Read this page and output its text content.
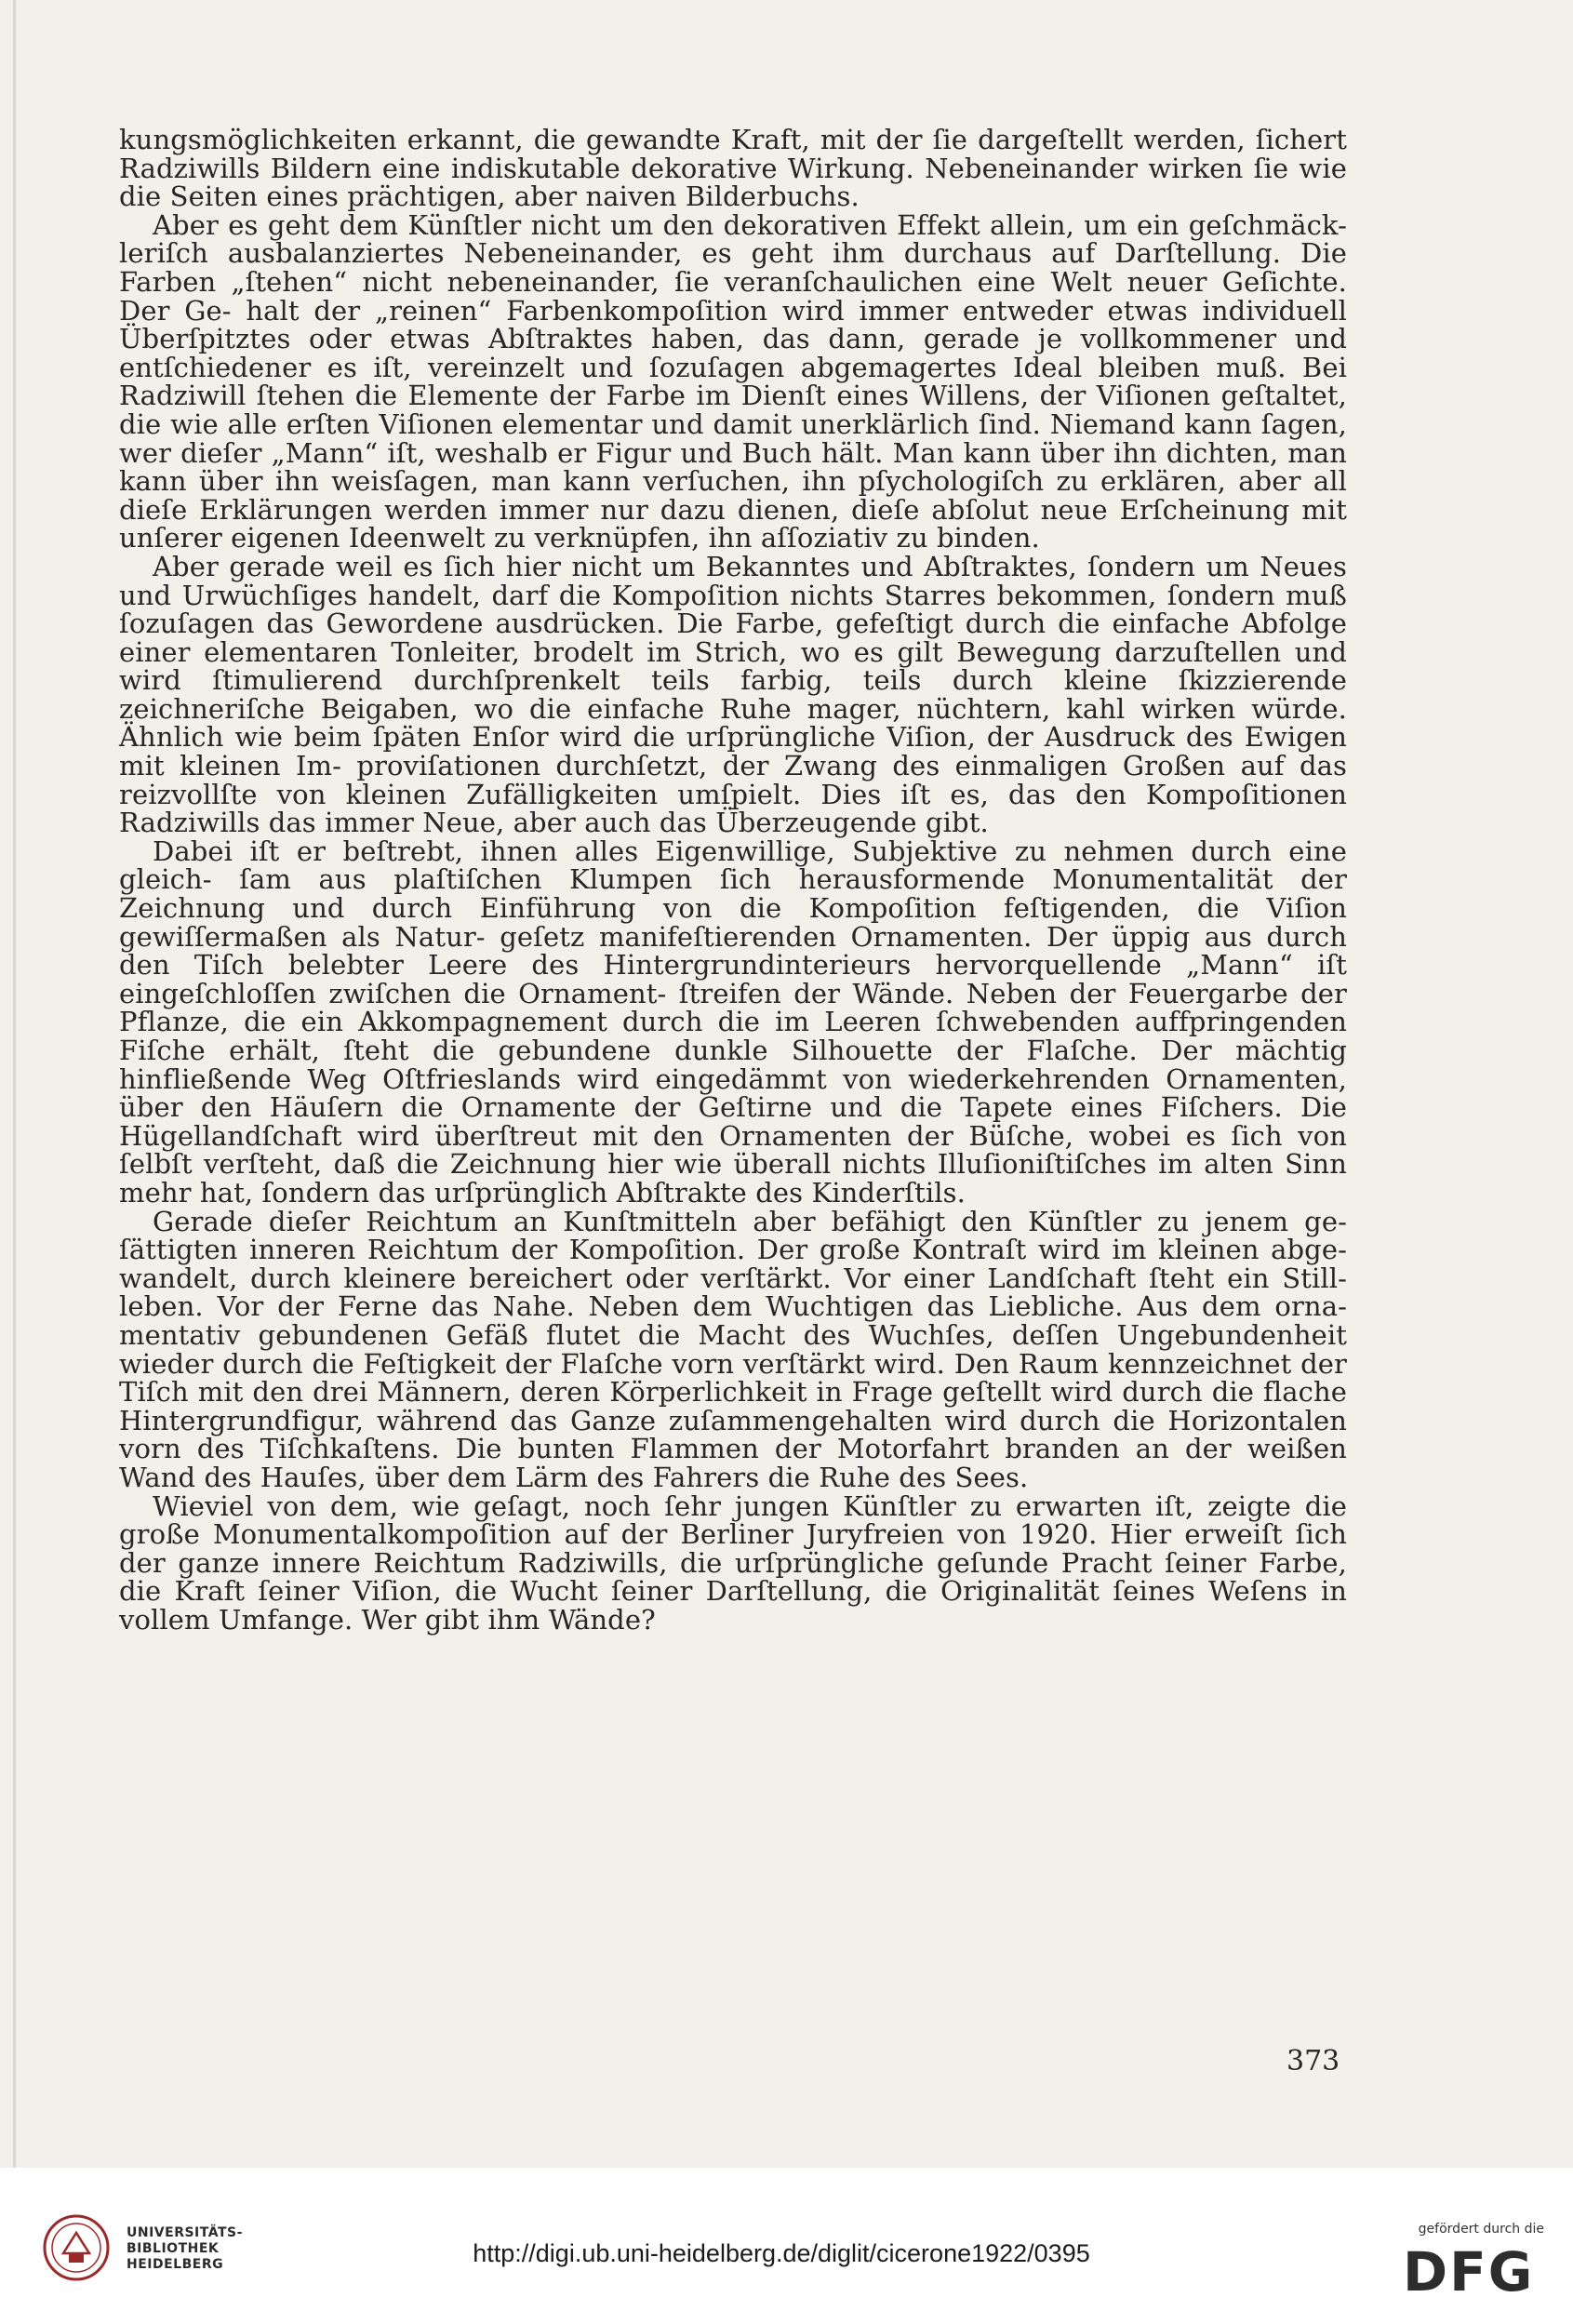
kungsmöglichkeiten erkannt, die gewandte Kraft, mit der ſie dargeſtellt werden, ſichert Radziwills Bildern eine indiskutable dekorative Wirkung. Nebeneinander wirken ſie wie die Seiten eines prächtigen, aber naiven Bilderbuchs.

Aber es geht dem Künſtler nicht um den dekorativen Effekt allein, um ein geſchmäck- leriſch ausbalanziertes Nebeneinander, es geht ihm durchaus auf Darſtellung. Die Farben „ſtehen“ nicht nebeneinander, ſie veranſchaulichen eine Welt neuer Geſichte. Der Ge- halt der „reinen“ Farbenkompoſition wird immer entweder etwas individuell Überſpitztes oder etwas Abſtraktes haben, das dann, gerade je vollkommener und entſchiedener es iſt, vereinzelt und ſozuſagen abgemagertes Ideal bleiben muß. Bei Radziwill ſtehen die Elemente der Farbe im Dienſt eines Willens, der Viſionen geſtaltet, die wie alle erſten Viſionen elementar und damit unerklärlich ſind. Niemand kann ſagen, wer dieſer „Mann“ iſt, weshalb er Figur und Buch hält. Man kann über ihn dichten, man kann über ihn weisſagen, man kann verſuchen, ihn pſychologiſch zu erklären, aber all dieſe Erklärungen werden immer nur dazu dienen, dieſe abſolut neue Erſcheinung mit unſerer eigenen Ideenwelt zu verknüpfen, ihn aſſoziativ zu binden.

Aber gerade weil es ſich hier nicht um Bekanntes und Abſtraktes, ſondern um Neues und Urwüchſiges handelt, darf die Kompoſition nichts Starres bekommen, ſondern muß ſozuſagen das Gewordene ausdrücken. Die Farbe, gefeſtigt durch die einfache Abfolge einer elementaren Tonleiter, brodelt im Strich, wo es gilt Bewegung darzuſtellen und wird ſtimulierend durchſprenkelt teils farbig, teils durch kleine ſkizzierende zeichneriſche Beigaben, wo die einfache Ruhe mager, nüchtern, kahl wirken würde. Ähnlich wie beim ſpäten Enſor wird die urſprüngliche Viſion, der Ausdruck des Ewigen mit kleinen Im- proviſationen durchſetzt, der Zwang des einmaligen Großen auf das reizvollſte von kleinen Zufälligkeiten umſpielt. Dies iſt es, das den Kompoſitionen Radziwills das immer Neue, aber auch das Überzeugende gibt.

Dabei iſt er beſtrebt, ihnen alles Eigenwillige, Subjektive zu nehmen durch eine gleich- ſam aus plaſtiſchen Klumpen ſich herausformende Monumentalität der Zeichnung und durch Einführung von die Kompoſition feſtigenden, die Viſion gewiſſermaßen als Natur- geſetz manifeſtierenden Ornamenten. Der üppig aus durch den Tiſch belebter Leere des Hintergrundinterieurs hervorquellende „Mann“ iſt eingeſchloſſen zwiſchen die Ornament- ſtreifen der Wände. Neben der Feuergarbe der Pflanze, die ein Akkompagnement durch die im Leeren ſchwebenden auffpringenden Fiſche erhält, ſteht die gebundene dunkle Silhouette der Flaſche. Der mächtig hinfließende Weg Oſtfrieslands wird eingedämmt von wiederkehrenden Ornamenten, über den Häuſern die Ornamente der Geſtirne und die Tapete eines Fiſchers. Die Hügellandſchaft wird überſtreut mit den Ornamenten der Büſche, wobei es ſich von ſelbſt verſteht, daß die Zeichnung hier wie überall nichts Illuſioniſtiſches im alten Sinn mehr hat, ſondern das urſprünglich Abſtrakte des Kinderſtils.

Gerade dieſer Reichtum an Kunſtmitteln aber befähigt den Künſtler zu jenem ge- ſättigten inneren Reichtum der Kompoſition. Der große Kontraſt wird im kleinen abge- wandelt, durch kleinere bereichert oder verſtärkt. Vor einer Landſchaft ſteht ein Still- leben. Vor der Ferne das Nahe. Neben dem Wuchtigen das Liebliche. Aus dem orna- mentativ gebundenen Gefäß flutet die Macht des Wuchſes, deſſen Ungebundenheit wieder durch die Feſtigkeit der Flaſche vorn verſtärkt wird. Den Raum kennzeichnet der Tiſch mit den drei Männern, deren Körperlichkeit in Frage geſtellt wird durch die flache Hintergrundfigur, während das Ganze zuſammengehalten wird durch die Horizontalen vorn des Tiſchkaſtens. Die bunten Flammen der Motorfahrt branden an der weißen Wand des Hauſes, über dem Lärm des Fahrers die Ruhe des Sees.

Wieviel von dem, wie geſagt, noch ſehr jungen Künſtler zu erwarten iſt, zeigte die große Monumentalkompoſition auf der Berliner Juryfreien von 1920. Hier erweiſt ſich der ganze innere Reichtum Radziwills, die urſprüngliche geſunde Pracht ſeiner Farbe, die Kraft ſeiner Viſion, die Wucht ſeiner Darſtellung, die Originalität ſeines Weſens in vollem Umfange. Wer gibt ihm Wände?

373
UNIVERSITÄTS-
BIBLIOTHEK
HEIDELBERG	http://digi.ub.uni-heidelberg.de/diglit/cicerone1922/0395
gefördert durch die
DFG
